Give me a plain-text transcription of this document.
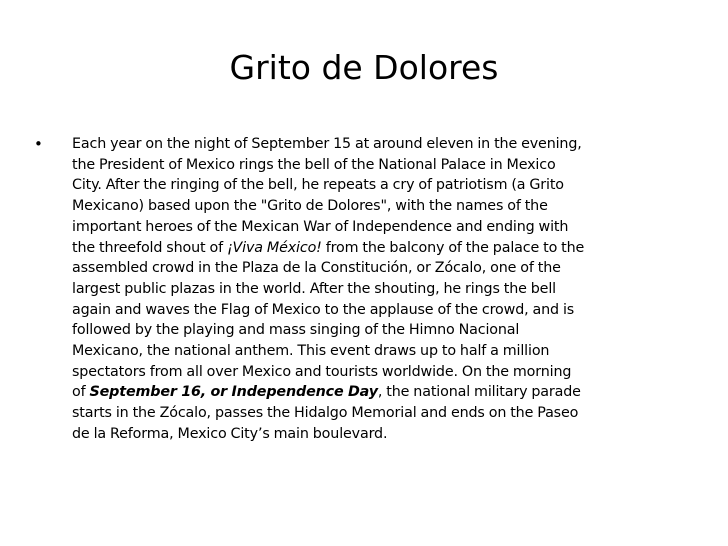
Grito de Dolores
• Each year on the night of September 15 at around eleven in the evening,
the President of Mexico rings the bell of the National Palace in Mexico
City. After the ringing of the bell, he repeats a cry of patriotism (a Grito
Mexicano) based upon the "Grito de Dolores", with the names of the
important heroes of the Mexican War of Independence and ending with
the threefold shout of ¡Viva México! from the balcony of the palace to the
assembled crowd in the Plaza de la Constitución, or Zócalo, one of the
largest public plazas in the world. After the shouting, he rings the bell
again and waves the Flag of Mexico to the applause of the crowd, and is
followed by the playing and mass singing of the Himno Nacional
Mexicano, the national anthem. This event draws up to half a million
spectators from all over Mexico and tourists worldwide. On the morning
of September 16, or Independence Day, the national military parade
starts in the Zócalo, passes the Hidalgo Memorial and ends on the Paseo
de la Reforma, Mexico City’s main boulevard.
